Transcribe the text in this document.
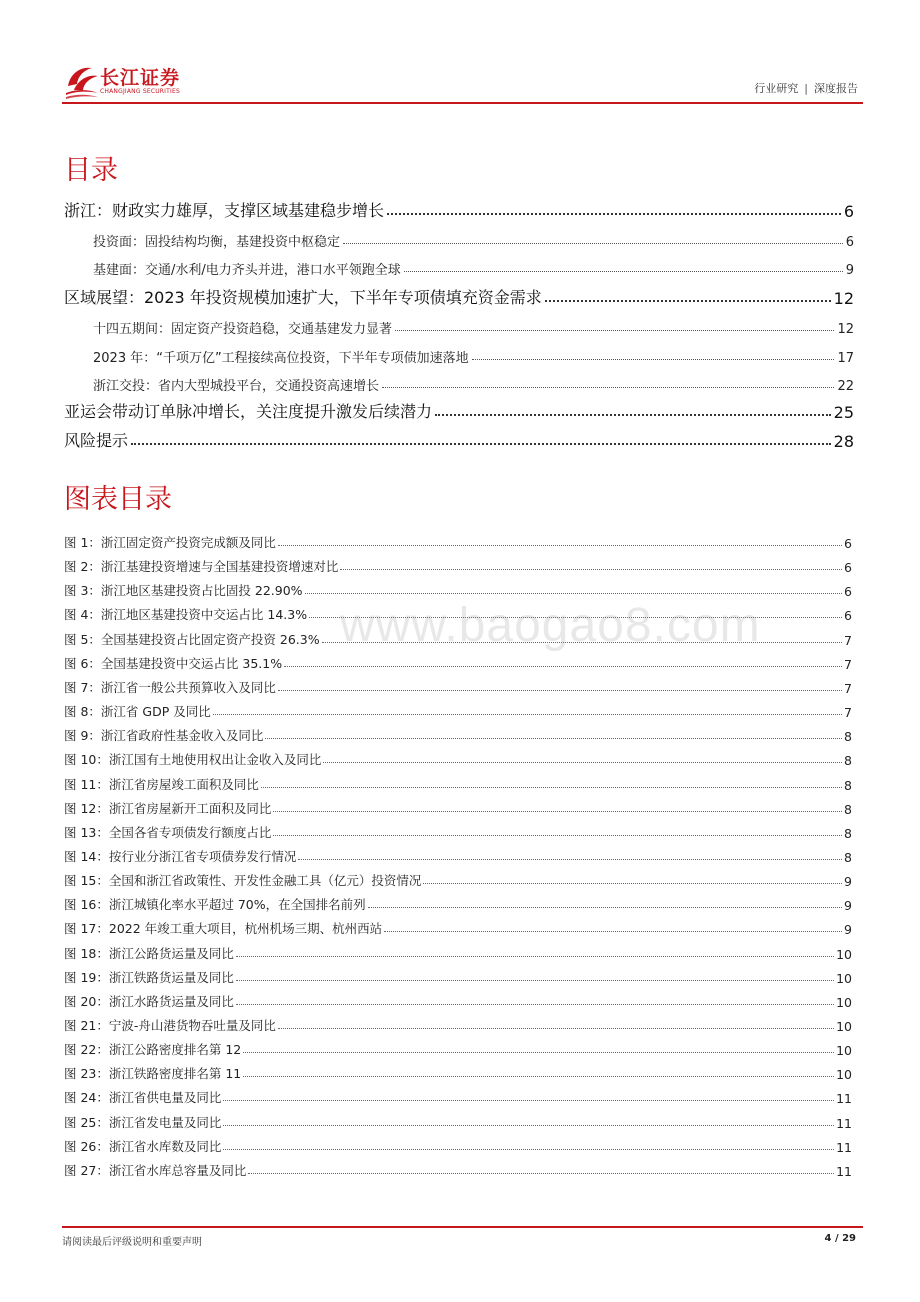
长江证券
CHANGJIANG SECURITIES	行业研究 | 深度报告
目录
浙江：财政实力雄厚，支撑区域基建稳步增长	6
投资面：固投结构均衡，基建投资中枢稳定	6
基建面：交通/水利/电力齐头并进，港口水平领跑全球	9
区域展望：2023 年投资规模加速扩大，下半年专项债填充资金需求	12
十四五期间：固定资产投资趋稳，交通基建发力显著	12
2023 年：“千项万亿”工程接续高位投资，下半年专项债加速落地	17
浙江交投：省内大型城投平台，交通投资高速增长	22
亚运会带动订单脉冲增长，关注度提升激发后续潜力	25
风险提示	28
图表目录
图 1：浙江固定资产投资完成额及同比	6
图 2：浙江基建投资增速与全国基建投资增速对比	6
图 3：浙江地区基建投资占比固投 22.90%	6
图 4：浙江地区基建投资中交运占比 14.3%	6
图 5：全国基建投资占比固定资产投资 26.3%	7
图 6：全国基建投资中交运占比 35.1%	7
图 7：浙江省一般公共预算收入及同比	7
图 8：浙江省 GDP 及同比	7
图 9：浙江省政府性基金收入及同比	8
图 10：浙江国有土地使用权出让金收入及同比	8
图 11：浙江省房屋竣工面积及同比	8
图 12：浙江省房屋新开工面积及同比	8
图 13：全国各省专项债发行额度占比	8
图 14：按行业分浙江省专项债券发行情况	8
图 15：全国和浙江省政策性、开发性金融工具（亿元）投资情况	9
图 16：浙江城镇化率水平超过 70%，在全国排名前列	9
图 17：2022 年竣工重大项目，杭州机场三期、杭州西站	9
图 18：浙江公路货运量及同比	10
图 19：浙江铁路货运量及同比	10
图 20：浙江水路货运量及同比	10
图 21：宁波-舟山港货物吞吐量及同比	10
图 22：浙江公路密度排名第 12	10
图 23：浙江铁路密度排名第 11	10
图 24：浙江省供电量及同比	11
图 25：浙江省发电量及同比	11
图 26：浙江省水库数及同比	11
图 27：浙江省水库总容量及同比	11
www.baogao8.com
请阅读最后评级说明和重要声明	4 / 29
